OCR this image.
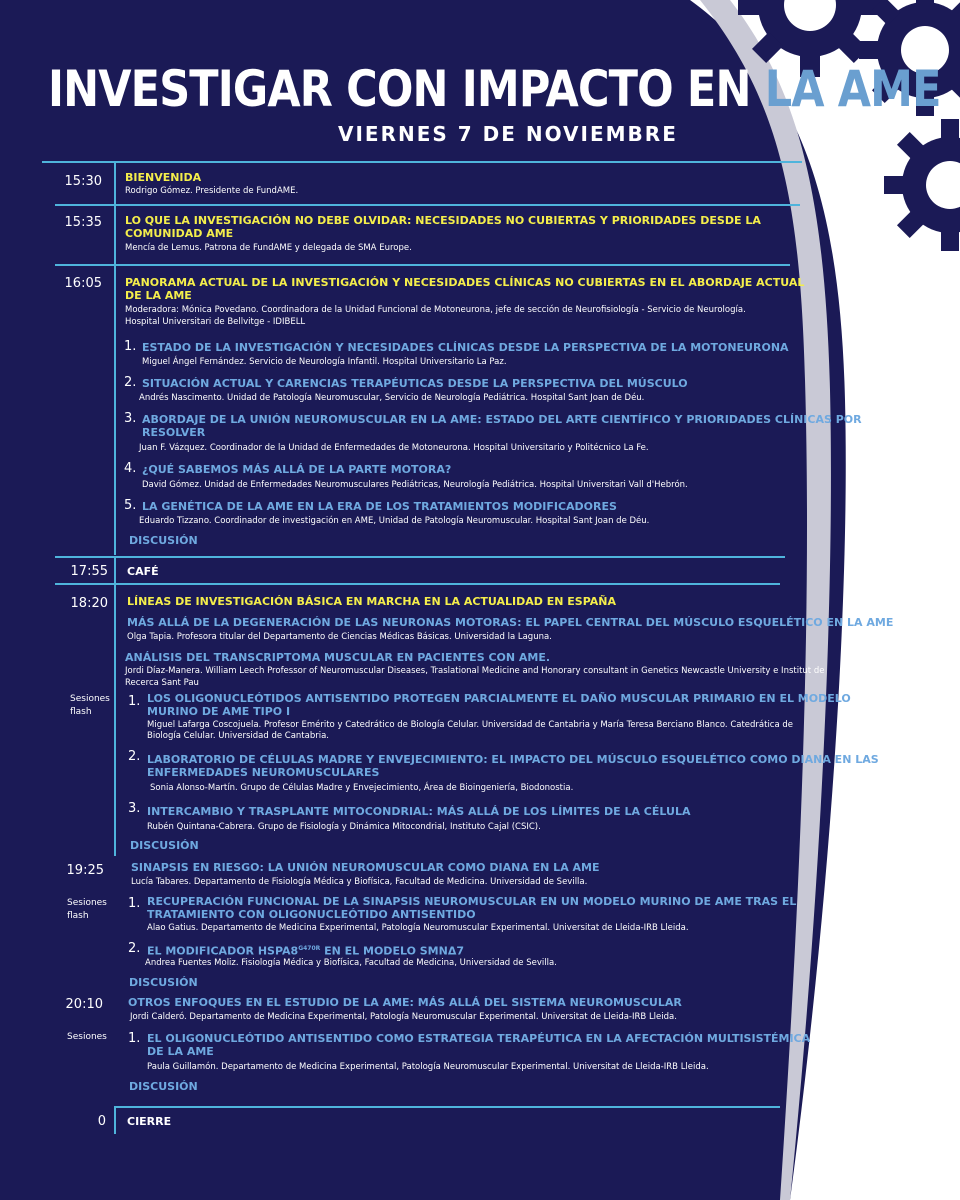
INVESTIGAR CON IMPACTO EN LA AME
VIERNES 7 DE NOVIEMBRE
15:30 BIENVENIDA
Rodrigo Gómez. Presidente de FundAME.
15:35 LO QUE LA INVESTIGACIÓN NO DEBE OLVIDAR: NECESIDADES NO CUBIERTAS Y PRIORIDADES DESDE LA
COMUNIDAD AME
Mencía de Lemus. Patrona de FundAME y delegada de SMA Europe.
16:05 PANORAMA ACTUAL DE LA INVESTIGACIÓN Y NECESIDADES CLÍNICAS NO CUBIERTAS EN EL ABORDAJE ACTUAL
DE LA AME
Moderadora: Mónica Povedano. Coordinadora de la Unidad Funcional de Motoneurona, jefe de sección de Neurofisiología - Servicio de Neurología.
Hospital Universitari de Bellvitge - IDIBELL
1. ESTADO DE LA INVESTIGACIÓN Y NECESIDADES CLÍNICAS DESDE LA PERSPECTIVA DE LA MOTONEURONA
Miguel Ángel Fernández. Servicio de Neurología Infantil. Hospital Universitario La Paz.
2. SITUACIÓN ACTUAL Y CARENCIAS TERAPÉUTICAS DESDE LA PERSPECTIVA DEL MÚSCULO
Andrés Nascimento. Unidad de Patología Neuromuscular, Servicio de Neurología Pediátrica. Hospital Sant Joan de Déu.
3. ABORDAJE DE LA UNIÓN NEUROMUSCULAR EN LA AME: ESTADO DEL ARTE CIENTÍFICO Y PRIORIDADES CLÍNICAS POR
RESOLVER
Juan F. Vázquez. Coordinador de la Unidad de Enfermedades de Motoneurona. Hospital Universitario y Politécnico La Fe.
4. ¿QUÉ SABEMOS MÁS ALLÁ DE LA PARTE MOTORA?
David Gómez. Unidad de Enfermedades Neuromusculares Pediátricas, Neurología Pediátrica. Hospital Universitari Vall d'Hebrón.
5. LA GENÉTICA DE LA AME EN LA ERA DE LOS TRATAMIENTOS MODIFICADORES
Eduardo Tizzano. Coordinador de investigación en AME, Unidad de Patología Neuromuscular. Hospital Sant Joan de Déu.
DISCUSIÓN
17:55 CAFÉ
18:20 LÍNEAS DE INVESTIGACIÓN BÁSICA EN MARCHA EN LA ACTUALIDAD EN ESPAÑA
MÁS ALLÁ DE LA DEGENERACIÓN DE LAS NEURONAS MOTORAS: EL PAPEL CENTRAL DEL MÚSCULO ESQUELÉTICO EN LA AME
Olga Tapia. Profesora titular del Departamento de Ciencias Médicas Básicas. Universidad la Laguna.
ANÁLISIS DEL TRANSCRIPTOMA MUSCULAR EN PACIENTES CON AME.
Jordi Díaz-Manera. William Leech Professor of Neuromuscular Diseases, Traslational Medicine and Honorary consultant in Genetics Newcastle University e Institut de
Recerca Sant Pau
Sesiones flash
1. LOS OLIGONUCLEÓTIDOS ANTISENTIDO PROTEGEN PARCIALMENTE EL DAÑO MUSCULAR PRIMARIO EN EL MODELO
MURINO DE AME TIPO I
Miguel Lafarga Coscojuela. Profesor Emérito y Catedrático de Biología Celular. Universidad de Cantabria y María Teresa Berciano Blanco. Catedrática de
Biología Celular. Universidad de Cantabria.
2. LABORATORIO DE CÉLULAS MADRE Y ENVEJECIMIENTO: EL IMPACTO DEL MÚSCULO ESQUELÉTICO COMO DIANA EN LAS
ENFERMEDADES NEUROMUSCULARES
Sonia Alonso-Martín. Grupo de Células Madre y Envejecimiento, Área de Bioingeniería, Biodonostia.
3. INTERCAMBIO Y TRASPLANTE MITOCONDRIAL: MÁS ALLÁ DE LOS LÍMITES DE LA CÉLULA
Rubén Quintana-Cabrera. Grupo de Fisiología y Dinámica Mitocondrial, Instituto Cajal (CSIC).
DISCUSIÓN
19:25 SINAPSIS EN RIESGO: LA UNIÓN NEUROMUSCULAR COMO DIANA EN LA AME
Lucía Tabares. Departamento de Fisiología Médica y Biofísica, Facultad de Medicina. Universidad de Sevilla.
Sesiones flash
1. RECUPERACIÓN FUNCIONAL DE LA SINAPSIS NEUROMUSCULAR EN UN MODELO MURINO DE AME TRAS EL
TRATAMIENTO CON OLIGONUCLEÓTIDO ANTISENTIDO
Alao Gatius. Departamento de Medicina Experimental, Patología Neuromuscular Experimental. Universitat de Lleida-IRB Lleida.
2. EL MODIFICADOR $HSPA8^{G470R}$ EN EL MODELO SMNΔ7
Andrea Fuentes Moliz. Fisiología Médica y Biofísica, Facultad de Medicina, Universidad de Sevilla.
DISCUSIÓN
20:10 OTROS ENFOQUES EN EL ESTUDIO DE LA AME: MÁS ALLÁ DEL SISTEMA NEUROMUSCULAR
Jordi Calderó. Departamento de Medicina Experimental, Patología Neuromuscular Experimental. Universitat de Lleida-IRB Lleida.
Sesiones 1. EL OLIGONUCLEÓTIDO ANTISENTIDO COMO ESTRATEGIA TERAPÉUTICA EN LA AFECTACIÓN MULTISISTÉMICA
DE LA AME
Paula Guillamón. Departamento de Medicina Experimental, Patología Neuromuscular Experimental. Universitat de Lleida-IRB Lleida.
DISCUSIÓN
0 CIERRE
